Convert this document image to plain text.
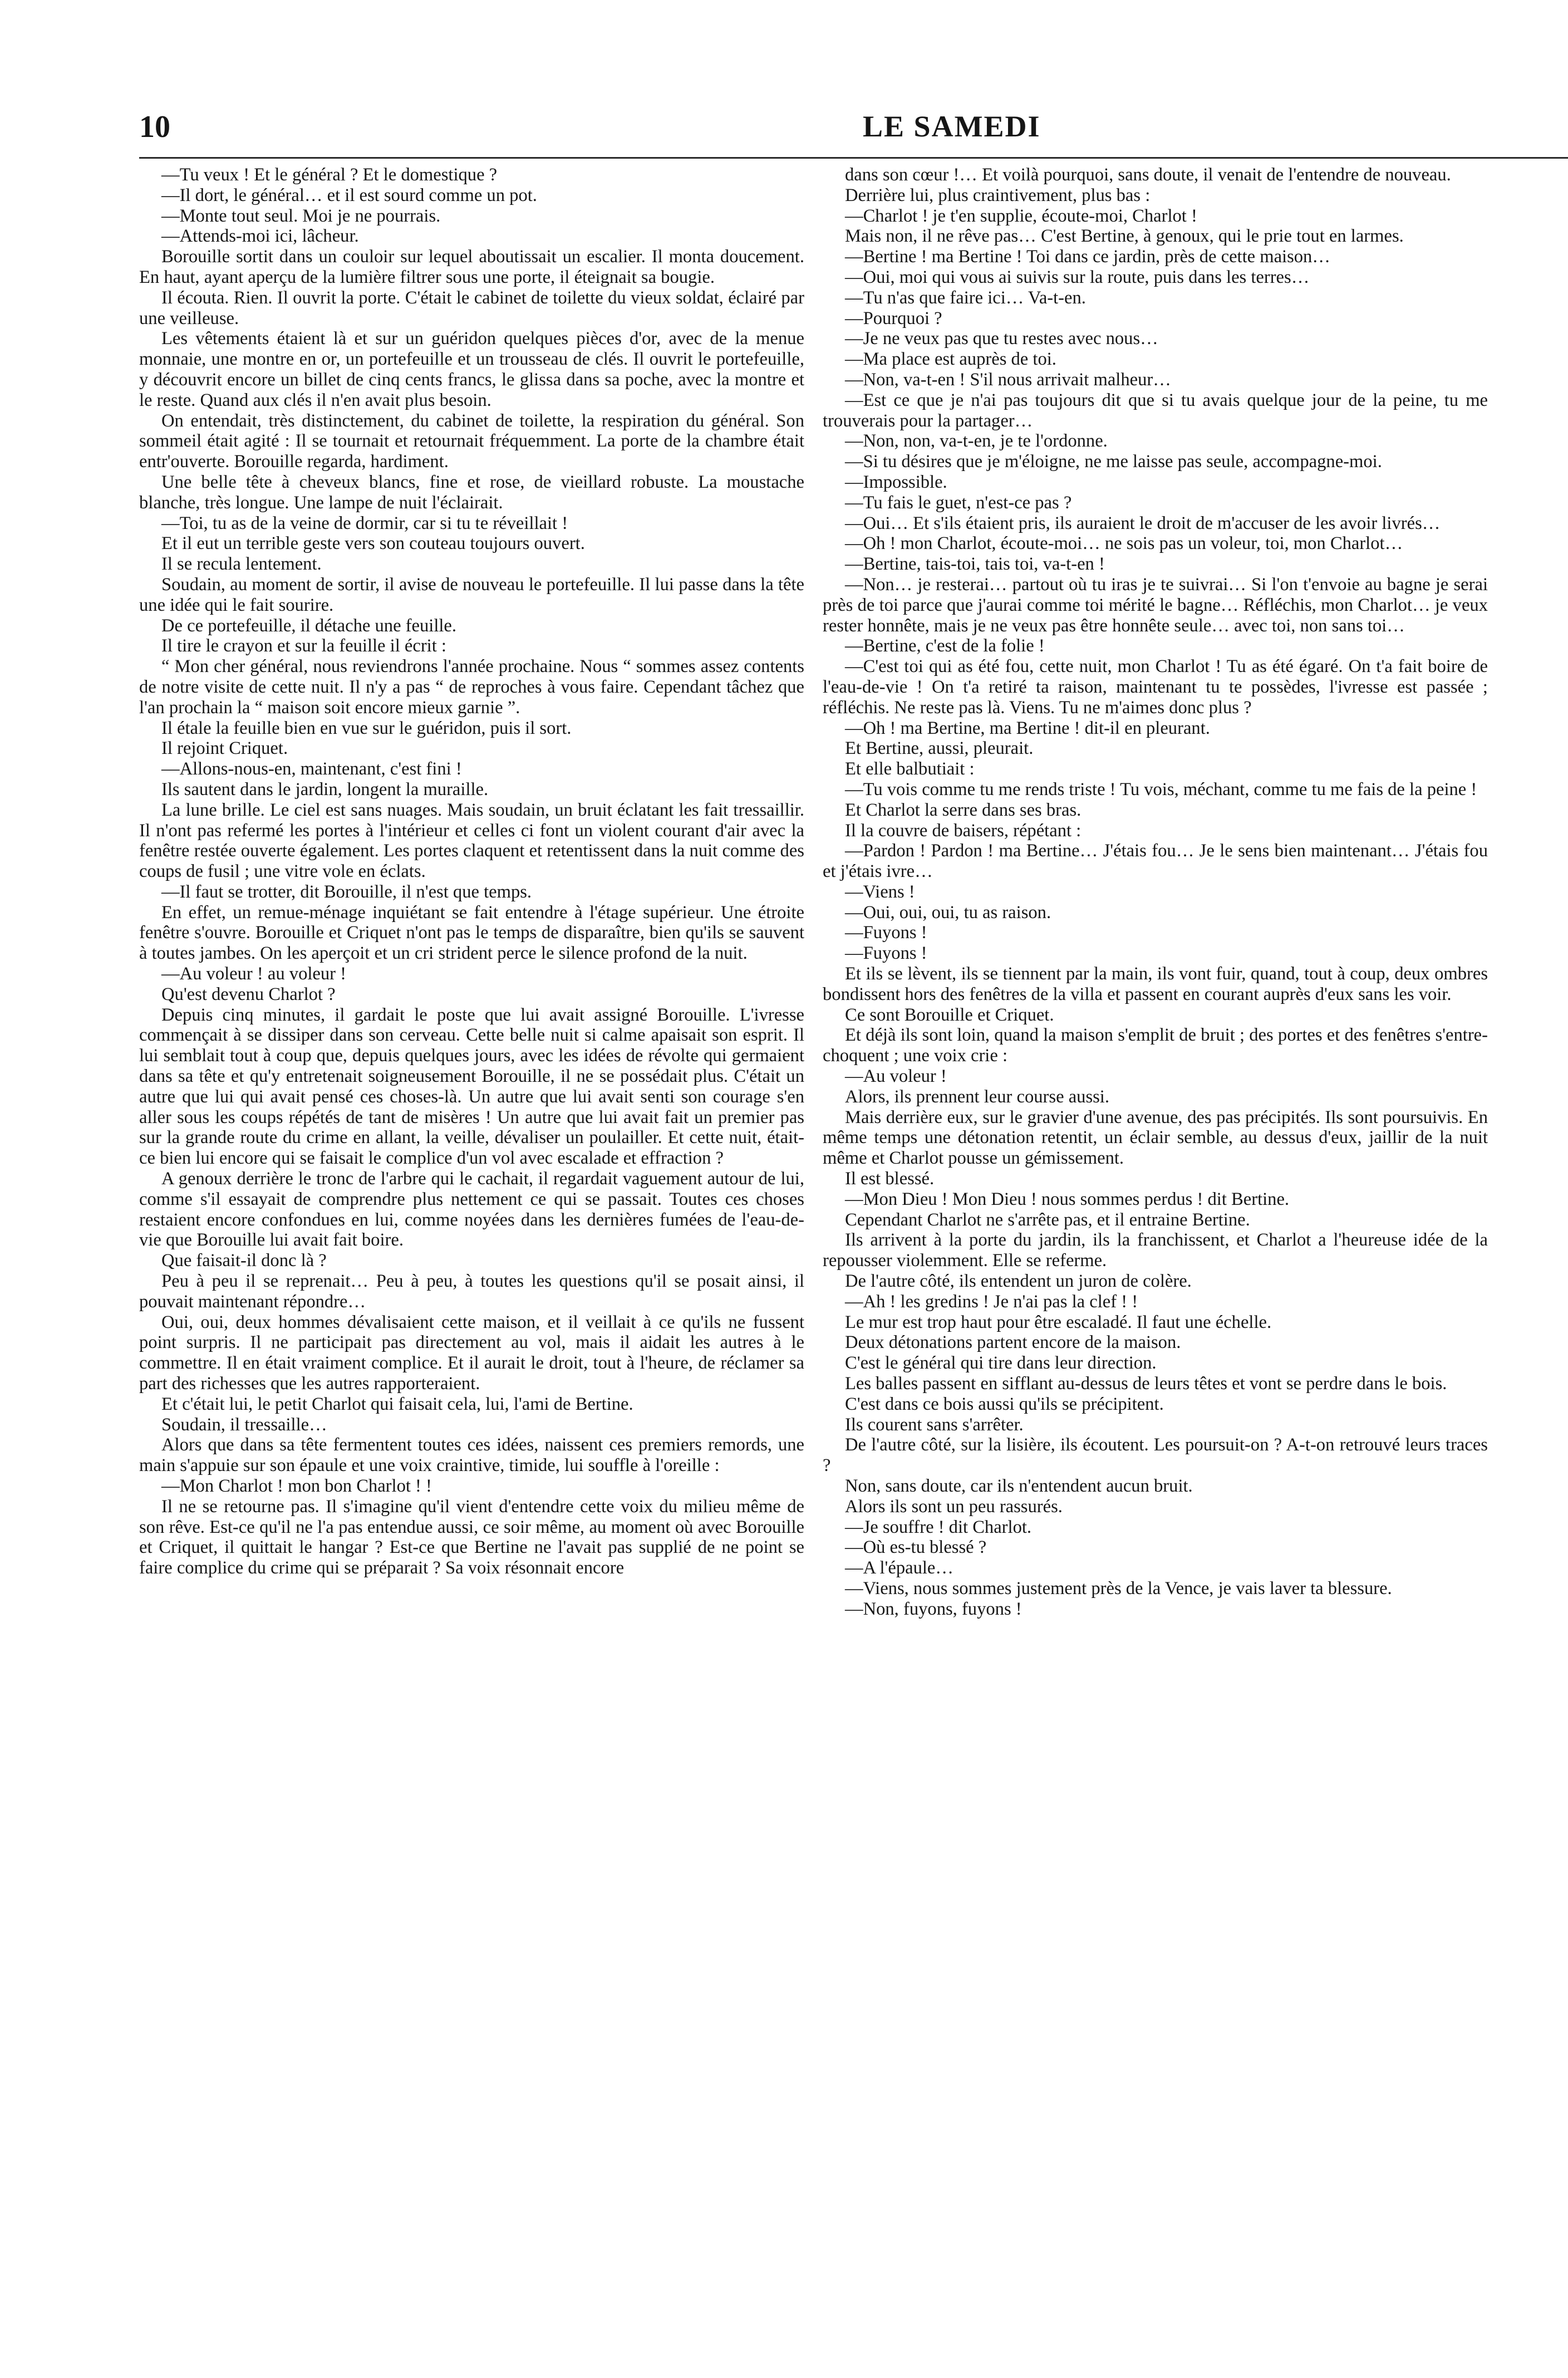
10	LE SAMEDI

—Tu veux ! Et le général ? Et le domestique ?

—Il dort, le général… et il est sourd comme un pot.

—Monte tout seul. Moi je ne pourrais.

—Attends-moi ici, lâcheur.

Borouille sortit dans un couloir sur lequel aboutissait un escalier. Il monta doucement. En haut, ayant aperçu de la lumière filtrer sous une porte, il éteignait sa bougie.

Il écouta. Rien. Il ouvrit la porte. C'était le cabinet de toilette du vieux soldat, éclairé par une veilleuse.

Les vêtements étaient là et sur un guéridon quelques pièces d'or, avec de la menue monnaie, une montre en or, un portefeuille et un trousseau de clés. Il ouvrit le portefeuille, y découvrit encore un billet de cinq cents francs, le glissa dans sa poche, avec la montre et le reste. Quand aux clés il n'en avait plus besoin.

On entendait, très distinctement, du cabinet de toilette, la respiration du général. Son sommeil était agité : Il se tournait et retournait fréquemment. La porte de la chambre était entr'ouverte. Borouille regarda, hardiment.

Une belle tête à cheveux blancs, fine et rose, de vieillard robuste. La moustache blanche, très longue. Une lampe de nuit l'éclairait.

—Toi, tu as de la veine de dormir, car si tu te réveillait !

Et il eut un terrible geste vers son couteau toujours ouvert.

Il se recula lentement.

Soudain, au moment de sortir, il avise de nouveau le portefeuille. Il lui passe dans la tête une idée qui le fait sourire.

De ce portefeuille, il détache une feuille.

Il tire le crayon et sur la feuille il écrit :

“ Mon cher général, nous reviendrons l'année prochaine. Nous “ sommes assez contents de notre visite de cette nuit. Il n'y a pas “ de reproches à vous faire. Cependant tâchez que l'an prochain la “ maison soit encore mieux garnie ”.

Il étale la feuille bien en vue sur le guéridon, puis il sort.

Il rejoint Criquet.

—Allons-nous-en, maintenant, c'est fini !

Ils sautent dans le jardin, longent la muraille.

La lune brille. Le ciel est sans nuages. Mais soudain, un bruit éclatant les fait tressaillir. Il n'ont pas refermé les portes à l'intérieur et celles ci font un violent courant d'air avec la fenêtre restée ouverte également. Les portes claquent et retentissent dans la nuit comme des coups de fusil ; une vitre vole en éclats.

—Il faut se trotter, dit Borouille, il n'est que temps.

En effet, un remue-ménage inquiétant se fait entendre à l'étage supérieur. Une étroite fenêtre s'ouvre. Borouille et Criquet n'ont pas le temps de disparaître, bien qu'ils se sauvent à toutes jambes. On les aperçoit et un cri strident perce le silence profond de la nuit.

—Au voleur ! au voleur !

Qu'est devenu Charlot ?

Depuis cinq minutes, il gardait le poste que lui avait assigné Borouille. L'ivresse commençait à se dissiper dans son cerveau. Cette belle nuit si calme apaisait son esprit. Il lui semblait tout à coup que, depuis quelques jours, avec les idées de révolte qui germaient dans sa tête et qu'y entretenait soigneusement Borouille, il ne se possédait plus. C'était un autre que lui qui avait pensé ces choses-là. Un autre que lui avait senti son courage s'en aller sous les coups répétés de tant de misères ! Un autre que lui avait fait un premier pas sur la grande route du crime en allant, la veille, dévaliser un poulailler. Et cette nuit, était-ce bien lui encore qui se faisait le complice d'un vol avec escalade et effraction ?

A genoux derrière le tronc de l'arbre qui le cachait, il regardait vaguement autour de lui, comme s'il essayait de comprendre plus nettement ce qui se passait. Toutes ces choses restaient encore confondues en lui, comme noyées dans les dernières fumées de l'eau-de-vie que Borouille lui avait fait boire.

Que faisait-il donc là ?

Peu à peu il se reprenait… Peu à peu, à toutes les questions qu'il se posait ainsi, il pouvait maintenant répondre…

Oui, oui, deux hommes dévalisaient cette maison, et il veillait à ce qu'ils ne fussent point surpris. Il ne participait pas directement au vol, mais il aidait les autres à le commettre. Il en était vraiment complice. Et il aurait le droit, tout à l'heure, de réclamer sa part des richesses que les autres rapporteraient.

Et c'était lui, le petit Charlot qui faisait cela, lui, l'ami de Bertine.

Soudain, il tressaille…

Alors que dans sa tête fermentent toutes ces idées, naissent ces premiers remords, une main s'appuie sur son épaule et une voix craintive, timide, lui souffle à l'oreille :

—Mon Charlot ! mon bon Charlot ! !

Il ne se retourne pas. Il s'imagine qu'il vient d'entendre cette voix du milieu même de son rêve. Est-ce qu'il ne l'a pas entendue aussi, ce soir même, au moment où avec Borouille et Criquet, il quittait le hangar ? Est-ce que Bertine ne l'avait pas supplié de ne point se faire complice du crime qui se préparait ? Sa voix résonnait encore

dans son cœur !… Et voilà pourquoi, sans doute, il venait de l'entendre de nouveau.

Derrière lui, plus craintivement, plus bas :

—Charlot ! je t'en supplie, écoute-moi, Charlot !

Mais non, il ne rêve pas… C'est Bertine, à genoux, qui le prie tout en larmes.

—Bertine ! ma Bertine ! Toi dans ce jardin, près de cette maison…

—Oui, moi qui vous ai suivis sur la route, puis dans les terres…

—Tu n'as que faire ici… Va-t-en.

—Pourquoi ?

—Je ne veux pas que tu restes avec nous…

—Ma place est auprès de toi.

—Non, va-t-en ! S'il nous arrivait malheur…

—Est ce que je n'ai pas toujours dit que si tu avais quelque jour de la peine, tu me trouverais pour la partager…

—Non, non, va-t-en, je te l'ordonne.

—Si tu désires que je m'éloigne, ne me laisse pas seule, accompagne-moi.

—Impossible.

—Tu fais le guet, n'est-ce pas ?

—Oui… Et s'ils étaient pris, ils auraient le droit de m'accuser de les avoir livrés…

—Oh ! mon Charlot, écoute-moi… ne sois pas un voleur, toi, mon Charlot…

—Bertine, tais-toi, tais toi, va-t-en !

—Non… je resterai… partout où tu iras je te suivrai… Si l'on t'envoie au bagne je serai près de toi parce que j'aurai comme toi mérité le bagne… Réfléchis, mon Charlot… je veux rester honnête, mais je ne veux pas être honnête seule… avec toi, non sans toi…

—Bertine, c'est de la folie !

—C'est toi qui as été fou, cette nuit, mon Charlot ! Tu as été égaré. On t'a fait boire de l'eau-de-vie ! On t'a retiré ta raison, maintenant tu te possèdes, l'ivresse est passée ; réfléchis. Ne reste pas là. Viens. Tu ne m'aimes donc plus ?

—Oh ! ma Bertine, ma Bertine ! dit-il en pleurant.

Et Bertine, aussi, pleurait.

Et elle balbutiait :

—Tu vois comme tu me rends triste ! Tu vois, méchant, comme tu me fais de la peine !

Et Charlot la serre dans ses bras.

Il la couvre de baisers, répétant :

—Pardon ! Pardon ! ma Bertine… J'étais fou… Je le sens bien maintenant… J'étais fou et j'étais ivre…

—Viens !

—Oui, oui, oui, tu as raison.

—Fuyons !

—Fuyons !

Et ils se lèvent, ils se tiennent par la main, ils vont fuir, quand, tout à coup, deux ombres bondissent hors des fenêtres de la villa et passent en courant auprès d'eux sans les voir.

Ce sont Borouille et Criquet.

Et déjà ils sont loin, quand la maison s'emplit de bruit ; des portes et des fenêtres s'entre-choquent ; une voix crie :

—Au voleur !

Alors, ils prennent leur course aussi.

Mais derrière eux, sur le gravier d'une avenue, des pas précipités. Ils sont poursuivis. En même temps une détonation retentit, un éclair semble, au dessus d'eux, jaillir de la nuit même et Charlot pousse un gémissement.

Il est blessé.

—Mon Dieu ! Mon Dieu ! nous sommes perdus ! dit Bertine.

Cependant Charlot ne s'arrête pas, et il entraine Bertine.

Ils arrivent à la porte du jardin, ils la franchissent, et Charlot a l'heureuse idée de la repousser violemment. Elle se referme.

De l'autre côté, ils entendent un juron de colère.

—Ah ! les gredins ! Je n'ai pas la clef ! !

Le mur est trop haut pour être escaladé. Il faut une échelle.

Deux détonations partent encore de la maison.

C'est le général qui tire dans leur direction.

Les balles passent en sifflant au-dessus de leurs têtes et vont se perdre dans le bois.

C'est dans ce bois aussi qu'ils se précipitent.

Ils courent sans s'arrêter.

De l'autre côté, sur la lisière, ils écoutent. Les poursuit-on ? A-t-on retrouvé leurs traces ?

Non, sans doute, car ils n'entendent aucun bruit.

Alors ils sont un peu rassurés.

—Je souffre ! dit Charlot.

—Où es-tu blessé ?

—A l'épaule…

—Viens, nous sommes justement près de la Vence, je vais laver ta blessure.

—Non, fuyons, fuyons !
